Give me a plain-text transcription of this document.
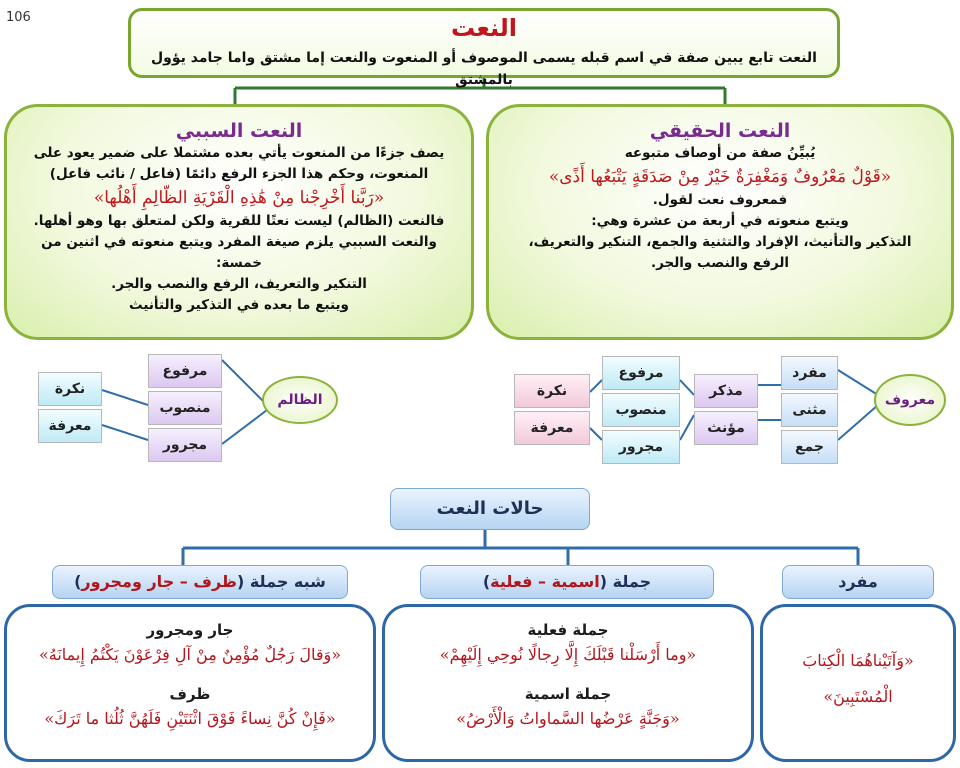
106	النعت
النعت تابع يبين صفة في اسم قبله يسمى الموصوف أو المنعوت والنعت إما مشتق واما جامد يؤول بالمشتق
النعت السببي
يصف جزءًا من المنعوت يأتي بعده مشتملا على ضمير يعود على
المنعوت، وحكم هذا الجزء الرفع دائمًا (فاعل / نائب فاعل)
«رَبَّنا أَخْرِجْنا مِنْ هَٰذِهِ الْقَرْيَةِ الظّالِمِ أَهْلُها»
فالنعت (الظالم) ليست نعتًا للقرية ولكن لمتعلق بها وهو أهلها.
والنعت السببي يلزم صيغة المفرد ويتبع منعوته في اثنين من خمسة:
التنكير والتعريف، الرفع والنصب والجر.
ويتبع ما بعده في التذكير والتأنيث
النعت الحقيقي
يُبيِّنُ صفة من أوصاف متبوعه
«قَوْلٌ مَعْرُوفٌ وَمَغْفِرَةٌ خَيْرٌ مِنْ صَدَقَةٍ يَتْبَعُها أَذًى»
فمعروف نعت لقول.
ويتبع منعوته في أربعة من عشرة وهي:
التذكير والتأنيث، الإفراد والتثنية والجمع، التنكير والتعريف،
الرفع والنصب والجر.
الظالم
مرفوع
منصوب
مجرور
نكرة
معرفة
معروف
مفرد
مثنى
جمع
مذكر
مؤنث
مرفوع
منصوب
مجرور
نكرة
معرفة
حالات النعت
مفرد
جملة (اسمية – فعلية)
شبه جملة (ظرف – جار ومجرور)
«وَآتَيْناهُمَا الْكِتابَ الْمُسْتَبِينَ»
جملة فعلية
«وما أَرْسَلْنا قَبْلَكَ إِلَّا رِجالًا نُوحِي إِلَيْهِمْ»
جملة اسمية
«وَجَنَّةٍ عَرْضُها السَّماواتُ وَالْأَرْضُ»
جار ومجرور
«وَقالَ رَجُلٌ مُؤْمِنٌ مِنْ آلِ فِرْعَوْنَ يَكْتُمُ إِيمانَهُ»
ظرف
«فَإِنْ كُنَّ نِساءً فَوْقَ اثْنَتَيْنِ فَلَهُنَّ ثُلُثا ما تَرَكَ»
